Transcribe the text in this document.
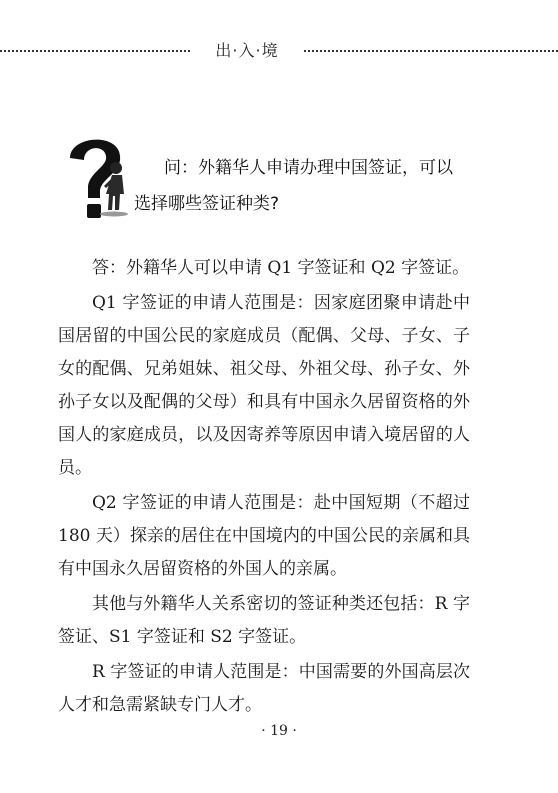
出·入·境
问：外籍华人申请办理中国签证，可以
选择哪些签证种类?

答：外籍华人可以申请 Q1 字签证和 Q2 字签证。

Q1 字签证的申请人范围是：因家庭团聚申请赴中国居留的中国公民的家庭成员（配偶、父母、子女、子女的配偶、兄弟姐妹、祖父母、外祖父母、孙子女、外孙子女以及配偶的父母）和具有中国永久居留资格的外国人的家庭成员，以及因寄养等原因申请入境居留的人员。

Q2 字签证的申请人范围是：赴中国短期（不超过 180 天）探亲的居住在中国境内的中国公民的亲属和具有中国永久居留资格的外国人的亲属。

其他与外籍华人关系密切的签证种类还包括：R 字签证、S1 字签证和 S2 字签证。

R 字签证的申请人范围是：中国需要的外国高层次人才和急需紧缺专门人才。

· 19 ·
